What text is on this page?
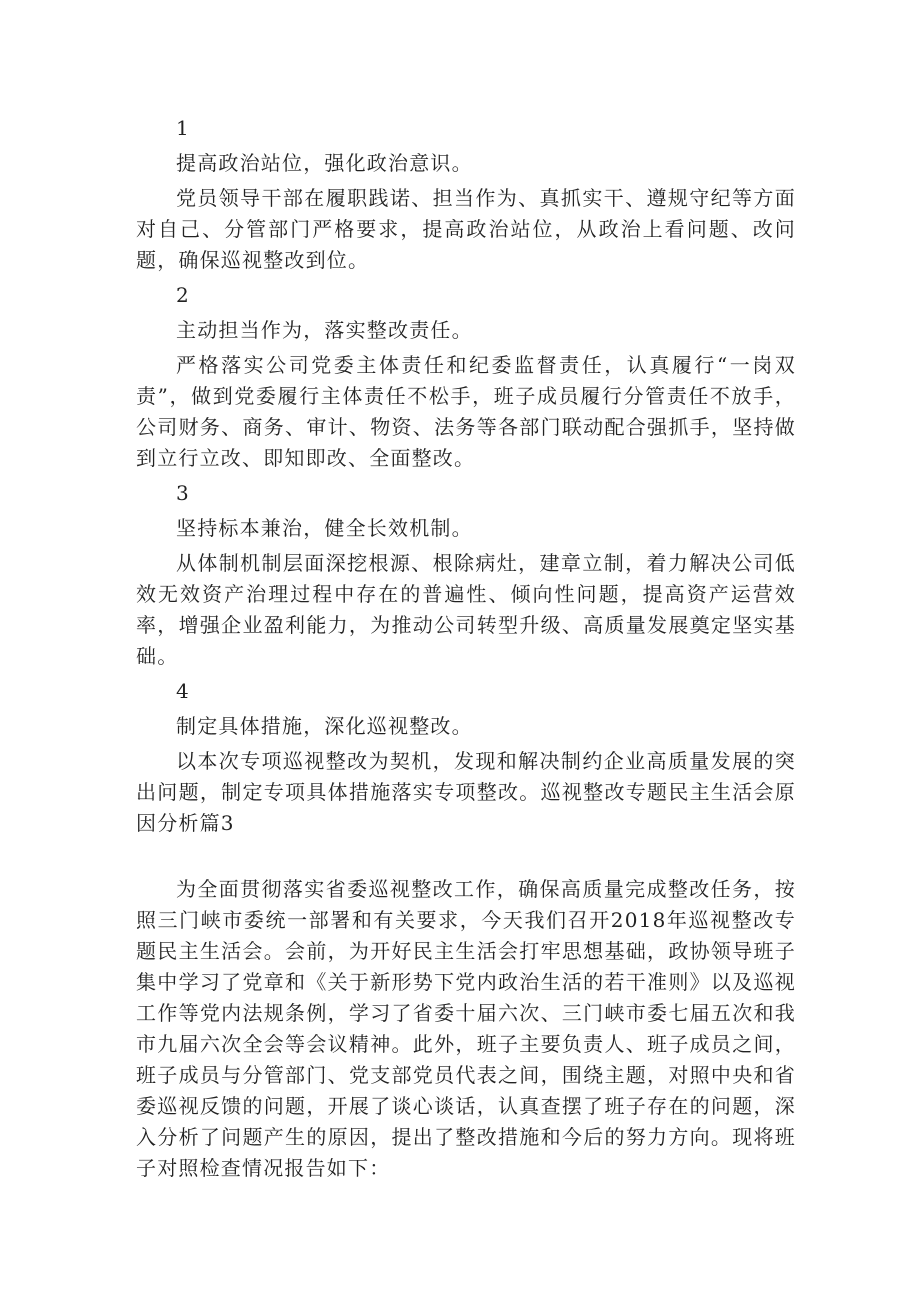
1

提高政治站位，强化政治意识。

党员领导干部在履职践诺、担当作为、真抓实干、遵规守纪等方面对自己、分管部门严格要求，提高政治站位，从政治上看问题、改问题，确保巡视整改到位。

2

主动担当作为，落实整改责任。

严格落实公司党委主体责任和纪委监督责任，认真履行“一岗双责”，做到党委履行主体责任不松手，班子成员履行分管责任不放手，公司财务、商务、审计、物资、法务等各部门联动配合强抓手，坚持做到立行立改、即知即改、全面整改。

3

坚持标本兼治，健全长效机制。

从体制机制层面深挖根源、根除病灶，建章立制，着力解决公司低效无效资产治理过程中存在的普遍性、倾向性问题，提高资产运营效率，增强企业盈利能力，为推动公司转型升级、高质量发展奠定坚实基础。

4

制定具体措施，深化巡视整改。

以本次专项巡视整改为契机，发现和解决制约企业高质量发展的突出问题，制定专项具体措施落实专项整改。巡视整改专题民主生活会原因分析篇3

为全面贯彻落实省委巡视整改工作，确保高质量完成整改任务，按照三门峡市委统一部署和有关要求，今天我们召开2018年巡视整改专题民主生活会。会前，为开好民主生活会打牢思想基础，政协领导班子集中学习了党章和《关于新形势下党内政治生活的若干准则》以及巡视工作等党内法规条例，学习了省委十届六次、三门峡市委七届五次和我市九届六次全会等会议精神。此外，班子主要负责人、班子成员之间，班子成员与分管部门、党支部党员代表之间，围绕主题，对照中央和省委巡视反馈的问题，开展了谈心谈话，认真查摆了班子存在的问题，深入分析了问题产生的原因，提出了整改措施和今后的努力方向。现将班子对照检查情况报告如下：
